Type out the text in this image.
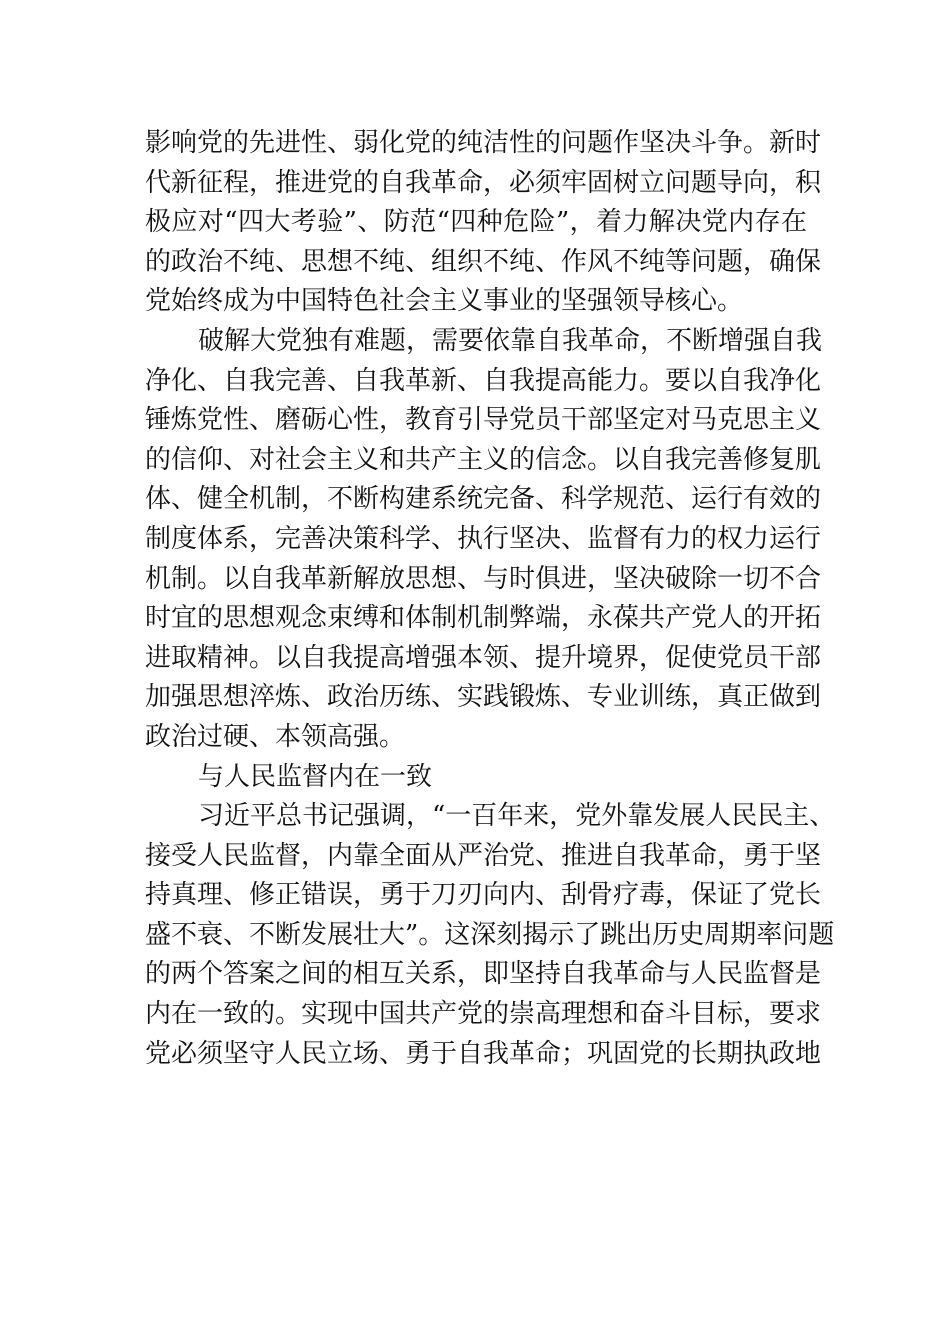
影响党的先进性、弱化党的纯洁性的问题作坚决斗争。新时
代新征程，推进党的自我革命，必须牢固树立问题导向，积
极应对“四大考验”、防范“四种危险”，着力解决党内存在
的政治不纯、思想不纯、组织不纯、作风不纯等问题，确保
党始终成为中国特色社会主义事业的坚强领导核心。
破解大党独有难题，需要依靠自我革命，不断增强自我
净化、自我完善、自我革新、自我提高能力。要以自我净化
锤炼党性、磨砺心性，教育引导党员干部坚定对马克思主义
的信仰、对社会主义和共产主义的信念。以自我完善修复肌
体、健全机制，不断构建系统完备、科学规范、运行有效的
制度体系，完善决策科学、执行坚决、监督有力的权力运行
机制。以自我革新解放思想、与时俱进，坚决破除一切不合
时宜的思想观念束缚和体制机制弊端，永葆共产党人的开拓
进取精神。以自我提高增强本领、提升境界，促使党员干部
加强思想淬炼、政治历练、实践锻炼、专业训练，真正做到
政治过硬、本领高强。
与人民监督内在一致
习近平总书记强调，“一百年来，党外靠发展人民民主、
接受人民监督，内靠全面从严治党、推进自我革命，勇于坚
持真理、修正错误，勇于刀刃向内、刮骨疗毒，保证了党长
盛不衰、不断发展壮大”。这深刻揭示了跳出历史周期率问题
的两个答案之间的相互关系，即坚持自我革命与人民监督是
内在一致的。实现中国共产党的崇高理想和奋斗目标，要求
党必须坚守人民立场、勇于自我革命；巩固党的长期执政地
